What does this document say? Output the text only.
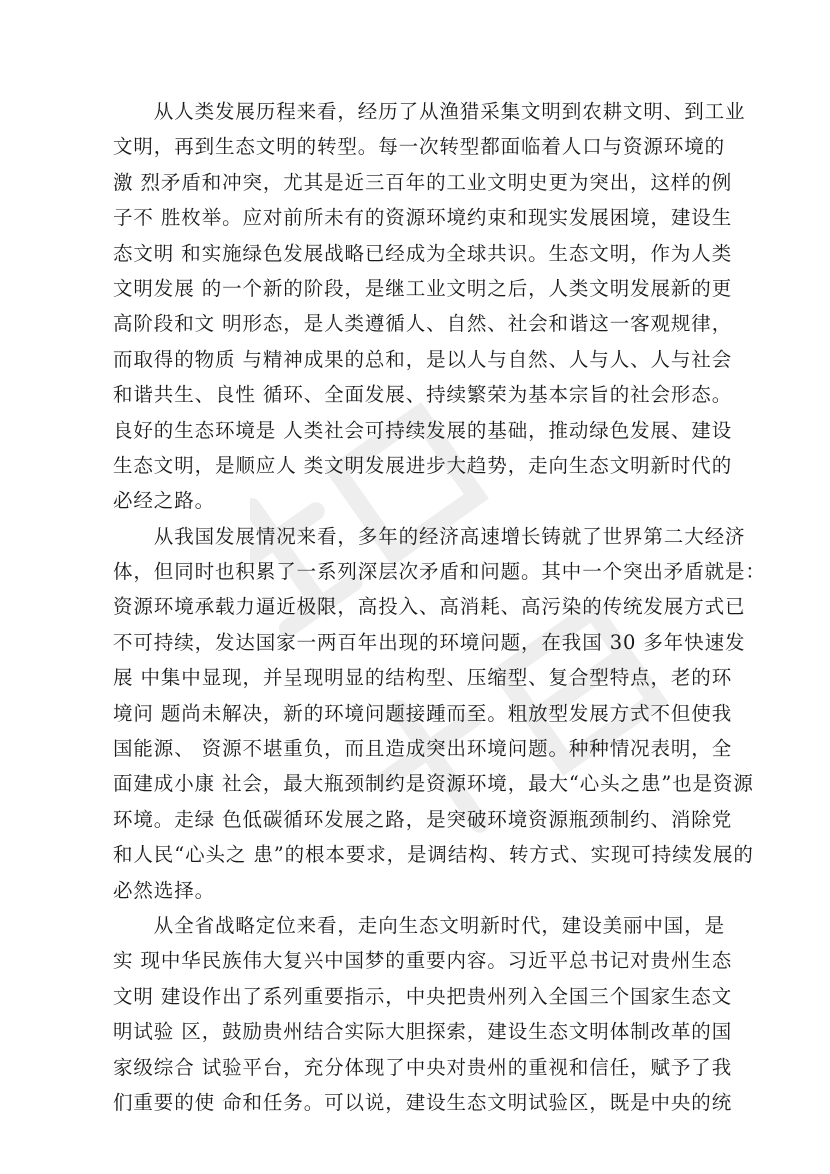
　　从人类发展历程来看，经历了从渔猎采集文明到农耕文明、到工业
文明，再到生态文明的转型。每一次转型都面临着人口与资源环境的
激 烈矛盾和冲突，尤其是近三百年的工业文明史更为突出，这样的例
子不 胜枚举。应对前所未有的资源环境约束和现实发展困境，建设生
态文明 和实施绿色发展战略已经成为全球共识。生态文明，作为人类
文明发展 的一个新的阶段，是继工业文明之后，人类文明发展新的更
高阶段和文 明形态，是人类遵循人、自然、社会和谐这一客观规律，
而取得的物质 与精神成果的总和，是以人与自然、人与人、人与社会
和谐共生、良性 循环、全面发展、持续繁荣为基本宗旨的社会形态。
良好的生态环境是 人类社会可持续发展的基础，推动绿色发展、建设
生态文明，是顺应人 类文明发展进步大趋势，走向生态文明新时代的
必经之路。
　　从我国发展情况来看，多年的经济高速增长铸就了世界第二大经济
体，但同时也积累了一系列深层次矛盾和问题。其中一个突出矛盾就是：
资源环境承载力逼近极限，高投入、高消耗、高污染的传统发展方式已
不可持续，发达国家一两百年出现的环境问题，在我国 30 多年快速发
展 中集中显现，并呈现明显的结构型、压缩型、复合型特点，老的环
境问 题尚未解决，新的环境问题接踵而至。粗放型发展方式不但使我
国能源、 资源不堪重负，而且造成突出环境问题。种种情况表明，全
面建成小康 社会，最大瓶颈制约是资源环境，最大“心头之患”也是资源
环境。走绿 色低碳循环发展之路，是突破环境资源瓶颈制约、消除党
和人民“心头之 患”的根本要求，是调结构、转方式、实现可持续发展的
必然选择。
　　从全省战略定位来看，走向生态文明新时代，建设美丽中国，是
实 现中华民族伟大复兴中国梦的重要内容。习近平总书记对贵州生态
文明 建设作出了系列重要指示，中央把贵州列入全国三个国家生态文
明试验 区，鼓励贵州结合实际大胆探索，建设生态文明体制改革的国
家级综合 试验平台，充分体现了中央对贵州的重视和信任，赋予了我
们重要的使 命和任务。可以说，建设生态文明试验区，既是中央的统
